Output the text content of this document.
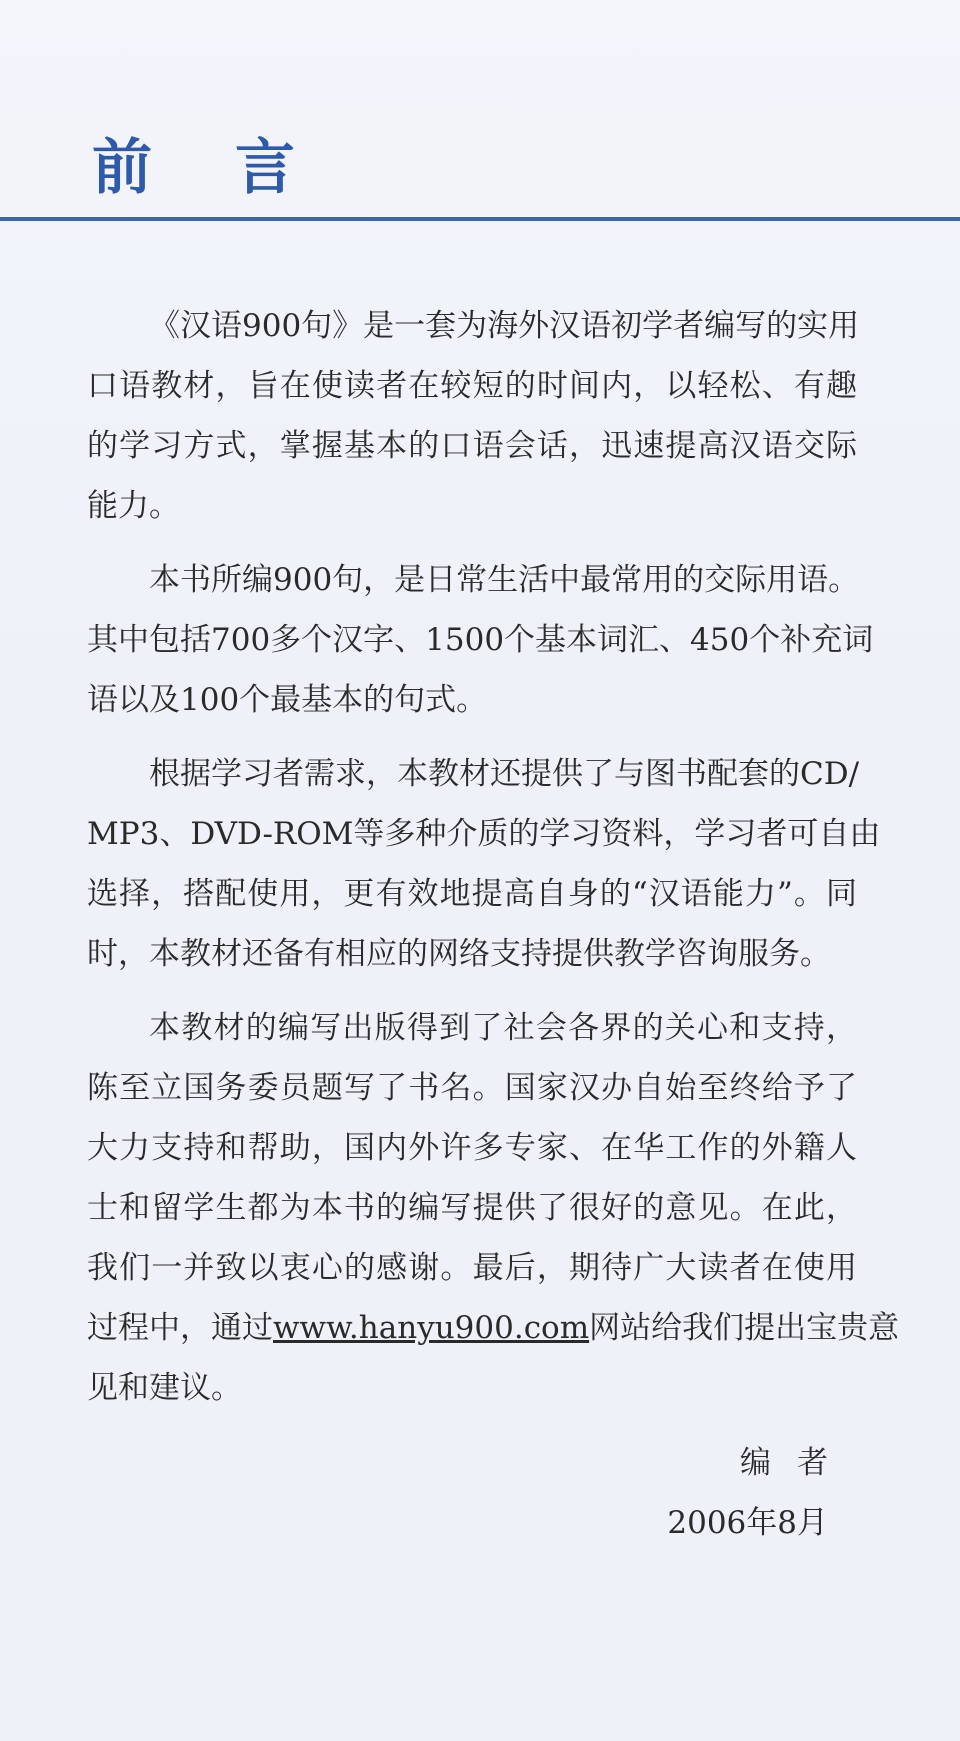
前 言
《汉语900句》是一套为海外汉语初学者编写的实用
口语教材，旨在使读者在较短的时间内，以轻松、有趣
的学习方式，掌握基本的口语会话，迅速提高汉语交际
能力。
本书所编900句，是日常生活中最常用的交际用语。
其中包括700多个汉字、1500个基本词汇、450个补充词
语以及100个最基本的句式。
根据学习者需求，本教材还提供了与图书配套的CD/
MP3、DVD-ROM等多种介质的学习资料，学习者可自由
选择，搭配使用，更有效地提高自身的“汉语能力”。同
时，本教材还备有相应的网络支持提供教学咨询服务。
本教材的编写出版得到了社会各界的关心和支持，
陈至立国务委员题写了书名。国家汉办自始至终给予了
大力支持和帮助，国内外许多专家、在华工作的外籍人
士和留学生都为本书的编写提供了很好的意见。在此，
我们一并致以衷心的感谢。最后，期待广大读者在使用
过程中，通过www.hanyu900.com网站给我们提出宝贵意
见和建议。
编者
2006年8月
